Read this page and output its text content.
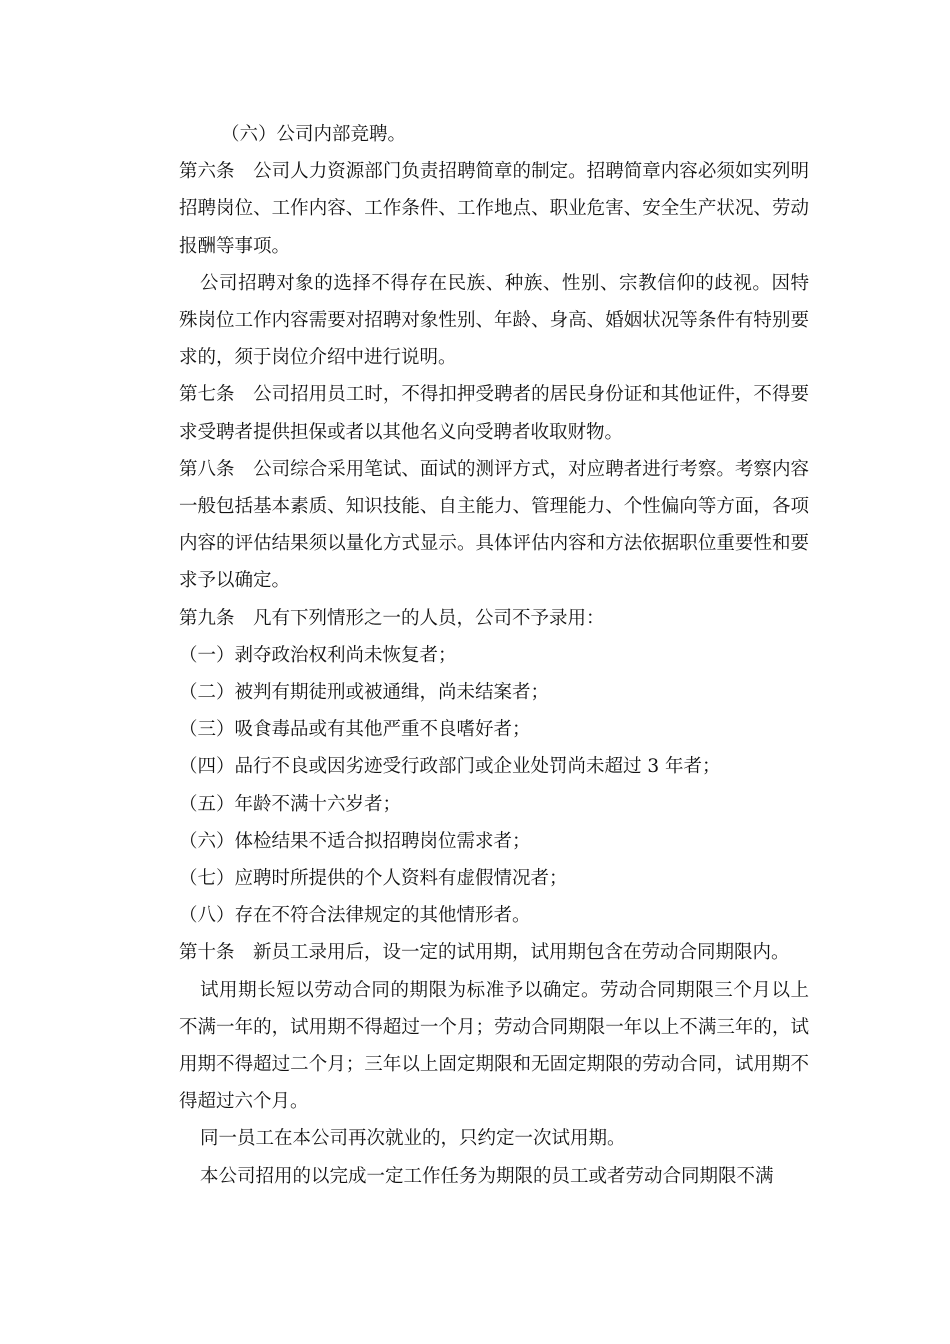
（六）公司内部竞聘。

第六条　公司人力资源部门负责招聘简章的制定。招聘简章内容必须如实列明招聘岗位、工作内容、工作条件、工作地点、职业危害、安全生产状况、劳动报酬等事项。

公司招聘对象的选择不得存在民族、种族、性别、宗教信仰的歧视。因特殊岗位工作内容需要对招聘对象性别、年龄、身高、婚姻状况等条件有特别要求的，须于岗位介绍中进行说明。

第七条　公司招用员工时，不得扣押受聘者的居民身份证和其他证件，不得要求受聘者提供担保或者以其他名义向受聘者收取财物。

第八条　公司综合采用笔试、面试的测评方式，对应聘者进行考察。考察内容一般包括基本素质、知识技能、自主能力、管理能力、个性偏向等方面，各项内容的评估结果须以量化方式显示。具体评估内容和方法依据职位重要性和要求予以确定。

第九条　凡有下列情形之一的人员，公司不予录用：

（一）剥夺政治权利尚未恢复者；

（二）被判有期徒刑或被通缉，尚未结案者；

（三）吸食毒品或有其他严重不良嗜好者；

（四）品行不良或因劣迹受行政部门或企业处罚尚未超过 3 年者；

（五）年龄不满十六岁者；

（六）体检结果不适合拟招聘岗位需求者；

（七）应聘时所提供的个人资料有虚假情况者；

（八）存在不符合法律规定的其他情形者。

第十条　新员工录用后，设一定的试用期，试用期包含在劳动合同期限内。

试用期长短以劳动合同的期限为标准予以确定。劳动合同期限三个月以上不满一年的，试用期不得超过一个月；劳动合同期限一年以上不满三年的，试用期不得超过二个月；三年以上固定期限和无固定期限的劳动合同，试用期不得超过六个月。

同一员工在本公司再次就业的，只约定一次试用期。

本公司招用的以完成一定工作任务为期限的员工或者劳动合同期限不满
